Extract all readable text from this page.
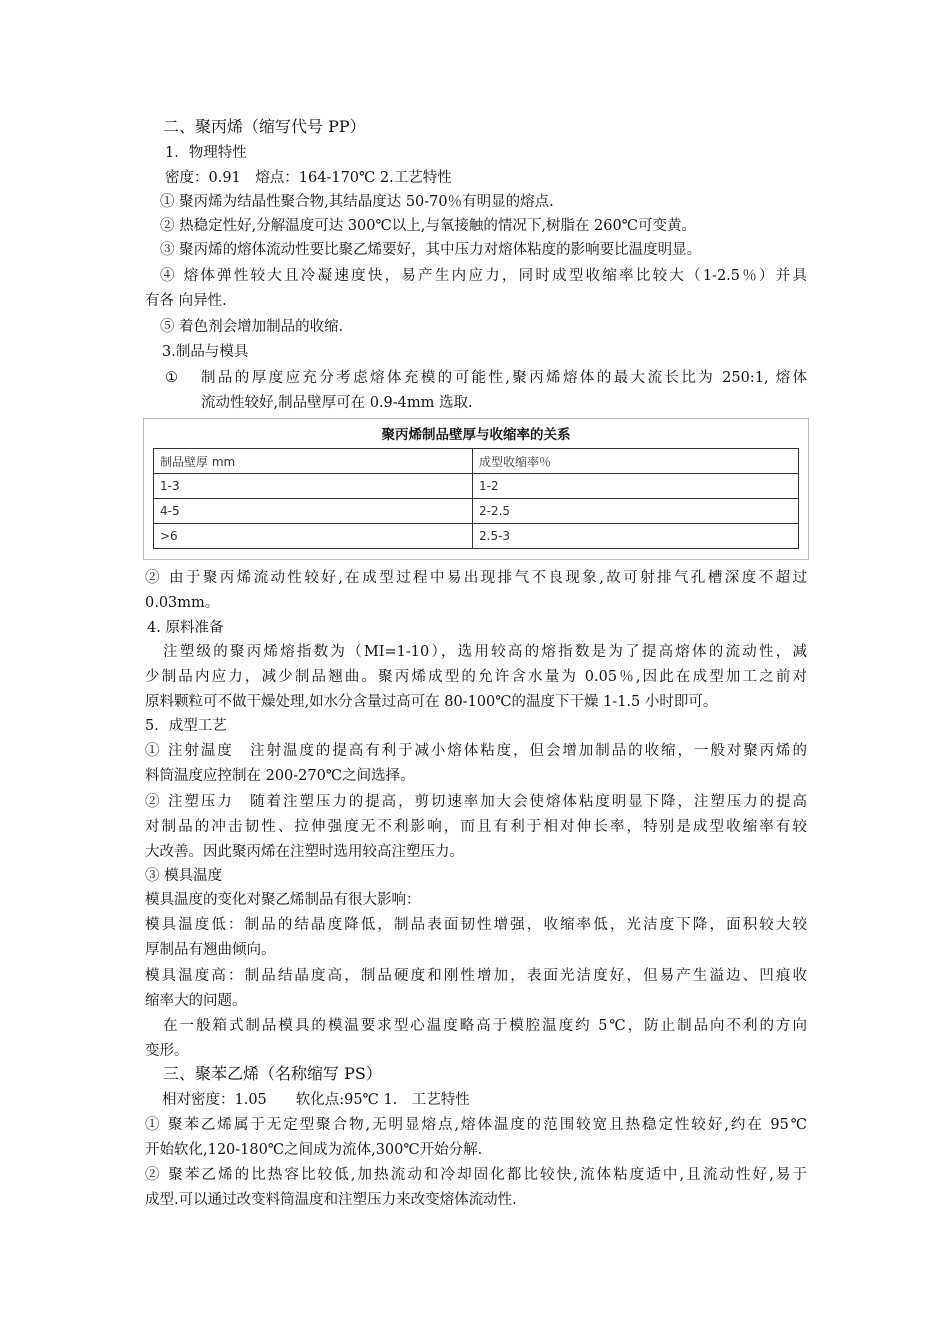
二、聚丙烯（缩写代号 PP）
1．物理特性
密度：0.91　熔点：164-170℃ 2.工艺特性
① 聚丙烯为结晶性聚合物,其结晶度达 50-70％有明显的熔点.
② 热稳定性好,分解温度可达 300℃以上,与氧接触的情况下,树脂在 260℃可变黄。
③ 聚丙烯的熔体流动性要比聚乙烯要好，其中压力对熔体粘度的影响要比温度明显。
④ 熔体弹性较大且冷凝速度快，易产生内应力，同时成型收缩率比较大（1-2.5％）并具
有各 向异性.
⑤ 着色剂会增加制品的收缩.
3.制品与模具
① 制品的厚度应充分考虑熔体充模的可能性,聚丙烯熔体的最大流长比为 250:1, 熔体
流动性较好,制品壁厚可在 0.9-4mm 选取.
聚丙烯制品壁厚与收缩率的关系
制品壁厚 mm	成型收缩率％
1-3	1-2
4-5	2-2.5
>6	2.5-3
② 由于聚丙烯流动性较好,在成型过程中易出现排气不良现象,故可射排气孔槽深度不超过
0.03mm。
4. 原料准备
注塑级的聚丙烯熔指数为（MI=1-10），选用较高的熔指数是为了提高熔体的流动性，减
少制品内应力，减少制品翘曲。聚丙烯成型的允许含水量为 0.05％,因此在成型加工之前对
原料颗粒可不做干燥处理,如水分含量过高可在 80-100℃的温度下干燥 1-1.5 小时即可。
5．成型工艺
① 注射温度　注射温度的提高有利于减小熔体粘度，但会增加制品的收缩，一般对聚丙烯的
料筒温度应控制在 200-270℃之间选择。
② 注塑压力　随着注塑压力的提高，剪切速率加大会使熔体粘度明显下降，注塑压力的提高
对制品的冲击韧性、拉伸强度无不利影响，而且有利于相对伸长率，特别是成型收缩率有较
大改善。因此聚丙烯在注塑时选用较高注塑压力。
③ 模具温度
模具温度的变化对聚乙烯制品有很大影响：
模具温度低：制品的结晶度降低，制品表面韧性增强，收缩率低，光洁度下降，面积较大较
厚制品有翘曲倾向。
模具温度高：制品结晶度高，制品硬度和刚性增加，表面光洁度好，但易产生溢边、凹痕收
缩率大的问题。
在一般箱式制品模具的模温要求型心温度略高于模腔温度约 5℃，防止制品向不利的方向
变形。
三、聚苯乙烯（名称缩写 PS）
相对密度：1.05　　软化点:95℃ 1.　工艺特性
① 聚苯乙烯属于无定型聚合物,无明显熔点,熔体温度的范围较宽且热稳定性较好,约在 95℃
开始软化,120-180℃之间成为流体,300℃开始分解.
② 聚苯乙烯的比热容比较低,加热流动和冷却固化都比较快,流体粘度适中,且流动性好,易于
成型.可以通过改变料筒温度和注塑压力来改变熔体流动性.
